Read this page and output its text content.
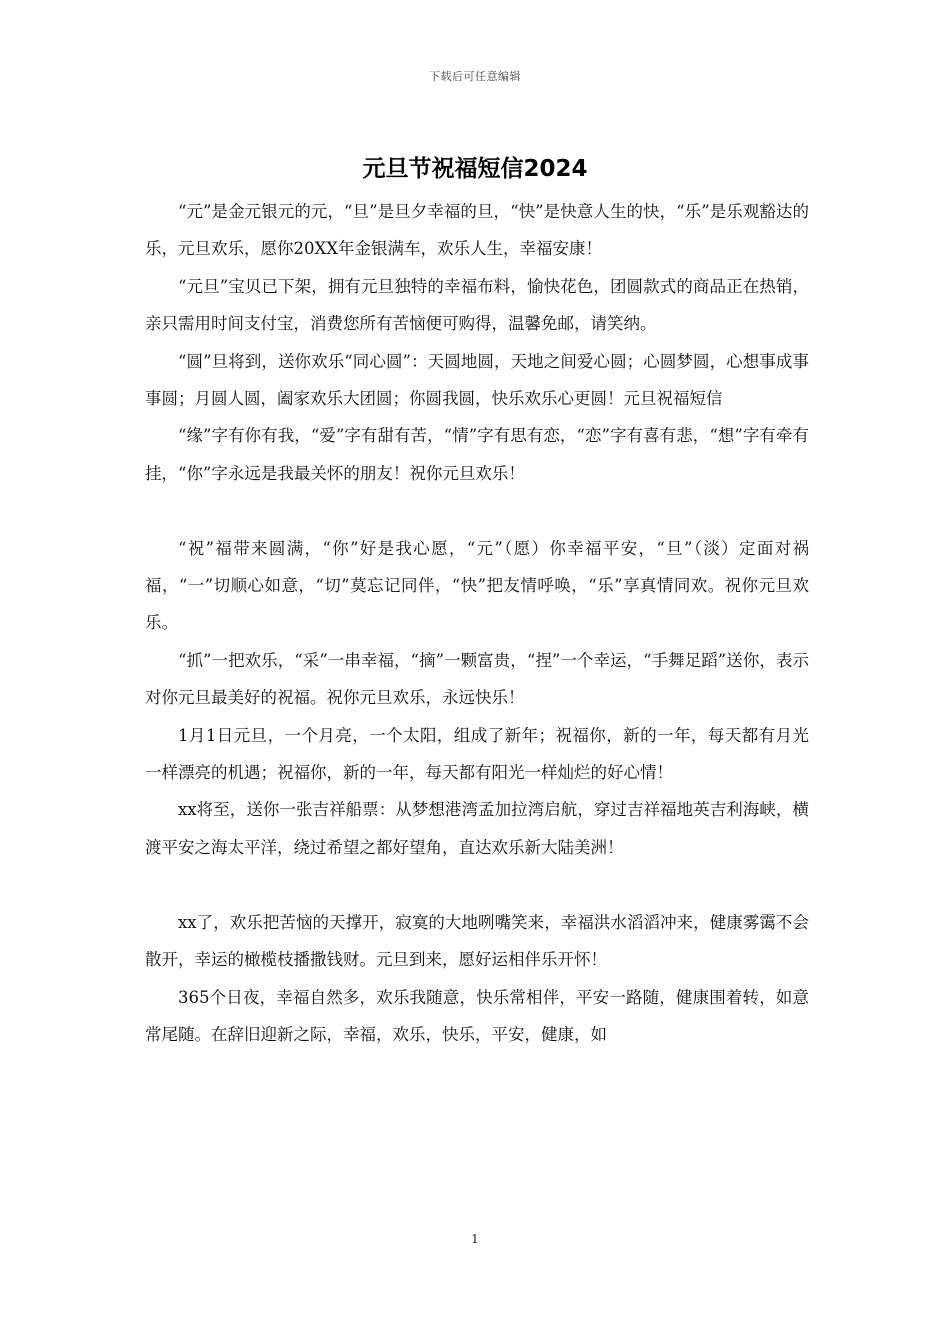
下载后可任意编辑
元旦节祝福短信2024

“元”是金元银元的元，“旦”是旦夕幸福的旦，“快”是快意人生的快，“乐”是乐观豁达的乐，元旦欢乐，愿你20XX年金银满车，欢乐人生，幸福安康！

“元旦”宝贝已下架，拥有元旦独特的幸福布料，愉快花色，团圆款式的商品正在热销，亲只需用时间支付宝，消费您所有苦恼便可购得，温馨免邮，请笑纳。

“圆”旦将到，送你欢乐“同心圆”：天圆地圆，天地之间爱心圆；心圆梦圆，心想事成事事圆；月圆人圆，阖家欢乐大团圆；你圆我圆，快乐欢乐心更圆！元旦祝福短信

“缘”字有你有我，“爱”字有甜有苦，“情”字有思有恋，“恋”字有喜有悲，“想”字有牵有挂，“你”字永远是我最关怀的朋友！祝你元旦欢乐！

“祝”福带来圆满，“你”好是我心愿，“元”（愿）你幸福平安，“旦”（淡）定面对祸福，“一”切顺心如意，“切”莫忘记同伴，“快”把友情呼唤，“乐”享真情同欢。祝你元旦欢乐。

“抓”一把欢乐，“采”一串幸福，“摘”一颗富贵，“捏”一个幸运，“手舞足蹈”送你，表示对你元旦最美好的祝福。祝你元旦欢乐，永远快乐！

1月1日元旦，一个月亮，一个太阳，组成了新年；祝福你，新的一年，每天都有月光一样漂亮的机遇；祝福你，新的一年，每天都有阳光一样灿烂的好心情！

xx将至，送你一张吉祥船票：从梦想港湾孟加拉湾启航，穿过吉祥福地英吉利海峡，横渡平安之海太平洋，绕过希望之都好望角，直达欢乐新大陆美洲！

xx了，欢乐把苦恼的天撑开，寂寞的大地咧嘴笑来，幸福洪水滔滔冲来，健康雾霭不会散开，幸运的橄榄枝播撒钱财。元旦到来，愿好运相伴乐开怀！

365个日夜，幸福自然多，欢乐我随意，快乐常相伴，平安一路随，健康围着转，如意常尾随。在辞旧迎新之际，幸福，欢乐，快乐，平安，健康，如

1
